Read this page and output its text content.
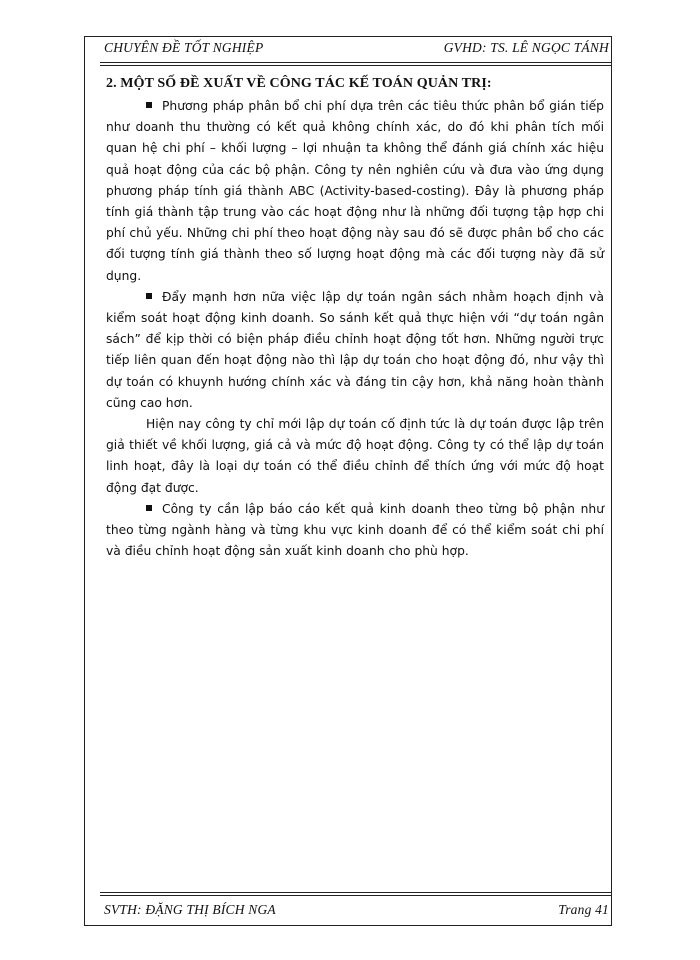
CHUYÊN ĐỀ TỐT NGHIỆP	GVHD: TS. LÊ NGỌC TÁNH

2. MỘT SỐ ĐỀ XUẤT VỀ CÔNG TÁC KẾ TOÁN QUẢN TRỊ:

Phương pháp phân bổ chi phí dựa trên các tiêu thức phân bổ gián tiếp như doanh thu thường có kết quả không chính xác, do đó khi phân tích mối quan hệ chi phí – khối lượng – lợi nhuận ta không thể đánh giá chính xác hiệu quả hoạt động của các bộ phận. Công ty nên nghiên cứu và đưa vào ứng dụng phương pháp tính giá thành ABC (Activity-based-costing). Đây là phương pháp tính giá thành tập trung vào các hoạt động như là những đối tượng tập hợp chi phí chủ yếu. Những chi phí theo hoạt động này sau đó sẽ được phân bổ cho các đối tượng tính giá thành theo số lượng hoạt động mà các đối tượng này đã sử dụng.

Đẩy mạnh hơn nữa việc lập dự toán ngân sách nhằm hoạch định và kiểm soát hoạt động kinh doanh. So sánh kết quả thực hiện với “dự toán ngân sách” để kịp thời có biện pháp điều chỉnh hoạt động tốt hơn. Những người trực tiếp liên quan đến hoạt động nào thì lập dự toán cho hoạt động đó, như vậy thì dự toán có khuynh hướng chính xác và đáng tin cậy hơn, khả năng hoàn thành cũng cao hơn.

Hiện nay công ty chỉ mới lập dự toán cố định tức là dự toán được lập trên giả thiết về khối lượng, giá cả và mức độ hoạt động. Công ty có thể lập dự toán linh hoạt, đây là loại dự toán có thể điều chỉnh để thích ứng với mức độ hoạt động đạt được.

Công ty cần lập báo cáo kết quả kinh doanh theo từng bộ phận như theo từng ngành hàng và từng khu vực kinh doanh để có thể kiểm soát chi phí và điều chỉnh hoạt động sản xuất kinh doanh cho phù hợp.

SVTH: ĐẶNG THỊ BÍCH NGA	Trang 41
